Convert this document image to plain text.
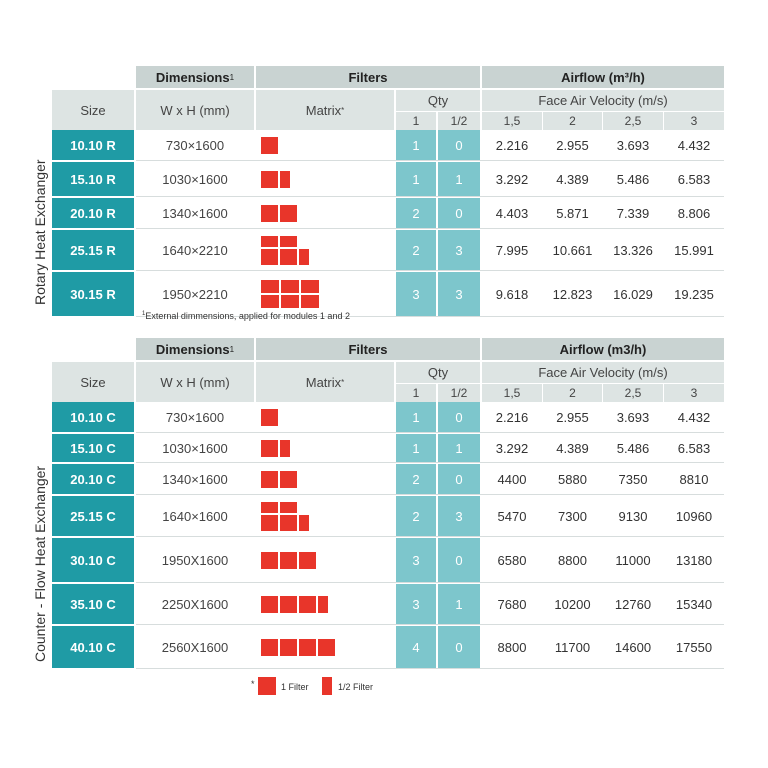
Dimensions 1	Filters	Airflow (m³/h)
Size	W x H (mm)	Matrix *
Qty
1	1/2
Face Air Velocity (m/s)
1,5	2	2,5	3
10.10 R	730×1600	1	0	2.216	2.955	3.693	4.432
15.10 R	1030×1600	1	1	3.292	4.389	5.486	6.583
20.10 R	1340×1600	2	0	4.403	5.871	7.339	8.806
25.15 R	1640×2210	2	3	7.995	10.661	13.326	15.991
30.15 R	1950×2210	3	3	9.618	12.823	16.029	19.235
Rotary Heat Exchanger
$^1$External dimmensions, applied for modules 1 and 2
Dimensions 1	Filters	Airflow (m3/h)
Size	W x H (mm)	Matrix *
Qty
1	1/2
Face Air Velocity (m/s)
1,5	2	2,5	3
10.10 C	730×1600	1	0	2.216	2.955	3.693	4.432
15.10 C	1030×1600	1	1	3.292	4.389	5.486	6.583
20.10 C	1340×1600	2	0	4400	5880	7350	8810
25.15 C	1640×1600	2	3	5470	7300	9130	10960
30.10 C	1950X1600	3	0	6580	8800	11000	13180
35.10 C	2250X1600	3	1	7680	10200	12760	15340
40.10 C	2560X1600	4	0	8800	11700	14600	17550
Counter - Flow Heat Exchanger
*	1 Filter	1/2 Filter
